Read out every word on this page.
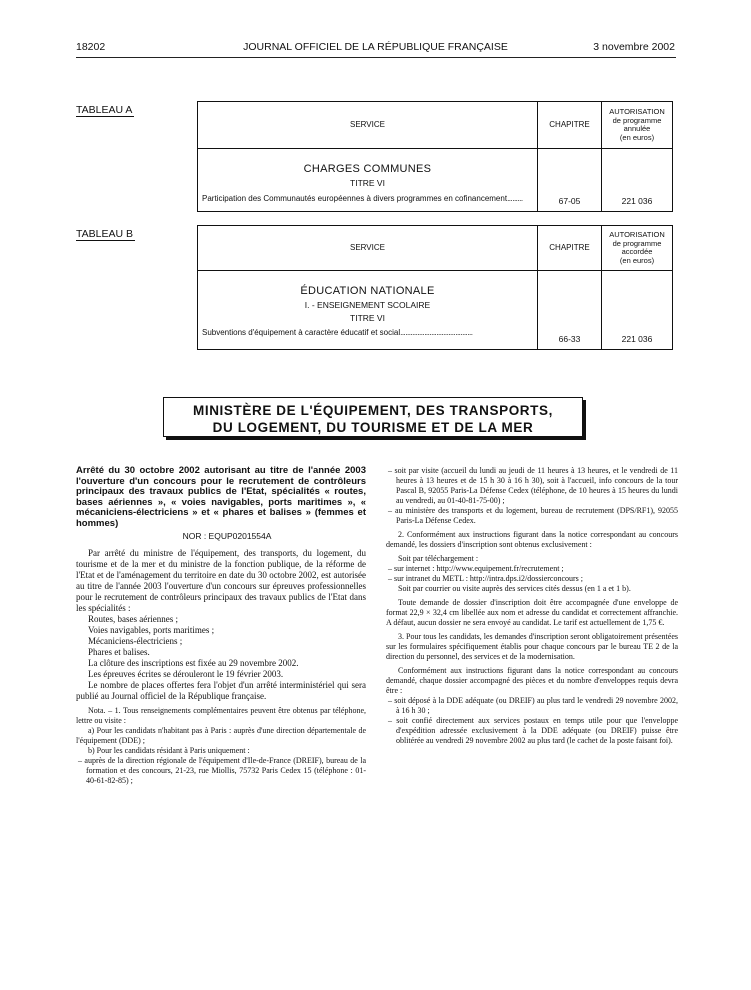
18202	JOURNAL OFFICIEL DE LA RÉPUBLIQUE FRANÇAISE	3 novembre 2002
TABLEAU A
SERVICE	CHAPITRE	AUTORISATION
de programme
annulée
(en euros)

CHARGES COMMUNES
TITRE VI
Participation des Communautés européennes à divers programmes en cofinancement.........	67-05	221 036
TABLEAU B
SERVICE	CHAPITRE	AUTORISATION
de programme
accordée
(en euros)

ÉDUCATION NATIONALE
I. - ENSEIGNEMENT SCOLAIRE
TITRE VI
Subventions d'équipement à caractère éducatif et social..........................................	66-33	221 036
MINISTÈRE DE L'ÉQUIPEMENT, DES TRANSPORTS,
DU LOGEMENT, DU TOURISME ET DE LA MER

Arrêté du 30 octobre 2002 autorisant au titre de l'année 2003 l'ouverture d'un concours pour le recrutement de contrôleurs principaux des travaux publics de l'Etat, spécialités « routes, bases aériennes », « voies navigables, ports maritimes », « mécaniciens-électriciens » et « phares et balises » (femmes et hommes)

NOR : EQUP0201554A

Par arrêté du ministre de l'équipement, des transports, du logement, du tourisme et de la mer et du ministre de la fonction publique, de la réforme de l'Etat et de l'aménagement du territoire en date du 30 octobre 2002, est autorisée au titre de l'année 2003 l'ouverture d'un concours sur épreuves professionnelles pour le recrutement de contrôleurs principaux des travaux publics de l'Etat dans les spécialités :

Routes, bases aériennes ;

Voies navigables, ports maritimes ;

Mécaniciens-électriciens ;

Phares et balises.

La clôture des inscriptions est fixée au 29 novembre 2002.

Les épreuves écrites se dérouleront le 19 février 2003.

Le nombre de places offertes fera l'objet d'un arrêté interministériel qui sera publié au Journal officiel de la République française.

Nota. – 1. Tous renseignements complémentaires peuvent être obtenus par téléphone, lettre ou visite :

a) Pour les candidats n'habitant pas à Paris : auprès d'une direction départementale de l'équipement (DDE) ;

b) Pour les candidats résidant à Paris uniquement :

– auprès de la direction régionale de l'équipement d'Ile-de-France (DREIF), bureau de la formation et des concours, 21-23, rue Miollis, 75732 Paris Cedex 15 (téléphone : 01-40-61-82-85) ;

– soit par visite (accueil du lundi au jeudi de 11 heures à 13 heures, et le vendredi de 11 heures à 13 heures et de 15 h 30 à 16 h 30), soit à l'accueil, info concours de la tour Pascal B, 92055 Paris-La Défense Cedex (téléphone, de 10 heures à 15 heures du lundi au vendredi, au 01-40-81-75-00) ;

– au ministère des transports et du logement, bureau de recrutement (DPS/RF1), 92055 Paris-La Défense Cedex.

2. Conformément aux instructions figurant dans la notice correspondant au concours demandé, les dossiers d'inscription sont obtenus exclusivement :

Soit par téléchargement :

– sur internet : http://www.equipement.fr/recrutement ;

– sur intranet du METL : http://intra.dps.i2/dossierconcours ;

Soit par courrier ou visite auprès des services cités dessus (en 1 a et 1 b).

Toute demande de dossier d'inscription doit être accompagnée d'une enveloppe de format 22,9 × 32,4 cm libellée aux nom et adresse du candidat et correctement affranchie. A défaut, aucun dossier ne sera envoyé au candidat. Le tarif est actuellement de 1,75 €.

3. Pour tous les candidats, les demandes d'inscription seront obligatoirement présentées sur les formulaires spécifiquement établis pour chaque concours par le bureau TE 2 de la direction du personnel, des services et de la modernisation.

Conformément aux instructions figurant dans la notice correspondant au concours demandé, chaque dossier accompagné des pièces et du nombre d'enveloppes requis devra être :

– soit déposé à la DDE adéquate (ou DREIF) au plus tard le vendredi 29 novembre 2002, à 16 h 30 ;

– soit confié directement aux services postaux en temps utile pour que l'enveloppe d'expédition adressée exclusivement à la DDE adéquate (ou DREIF) puisse être oblitérée au vendredi 29 novembre 2002 au plus tard (le cachet de la poste faisant foi).
